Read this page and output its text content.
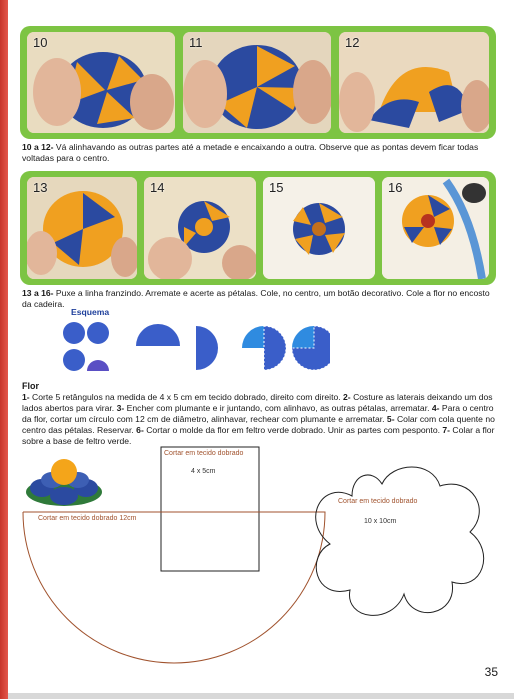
10	11	12
10 a 12- Vá alinhavando as outras partes até a metade e encaixando a outra. Observe que as pontas devem ficar todas voltadas para o centro.
13	14	15	16
13 a 16- Puxe a linha franzindo. Arremate e acerte as pétalas. Cole, no centro, um botão decorativo. Cole a flor no encosto da cadeira.
Esquema
Flor
1- Corte 5 retângulos na medida de 4 x 5 cm em tecido dobrado, direito com direito. 2- Costure as laterais deixando um dos lados abertos para virar. 3- Encher com plumante e ir juntando, com alinhavo, as outras pétalas, arrematar. 4- Para o centro da flor, cortar um círculo com 12 cm de diâmetro, alinhavar, rechear com plumante e arrematar. 5- Colar com cola quente no centro das pétalas. Reservar. 6- Cortar o molde da flor em feltro verde dobrado. Unir as partes com pesponto. 7- Colar a flor sobre a base de feltro verde.
Cortar em tecido dobrado
4 x 5cm
Cortar em tecido dobrado 12cm
Cortar em tecido dobrado
10 x 10cm
35
